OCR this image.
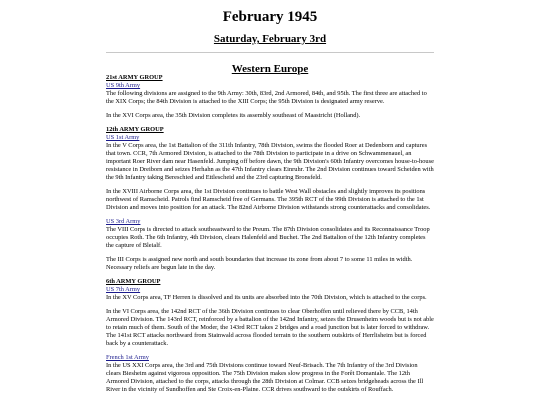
February 1945
Saturday, February 3rd
Western Europe
21st ARMY GROUP
US 9th Army

The following divisions are assigned to the 9th Army: 30th, 83rd, 2nd Armored, 84th, and 95th. The first three are attached to the XIX Corps; the 84th Division is attached to the XIII Corps; the 95th Division is designated army reserve.

In the XVI Corps area, the 35th Division completes its assembly southeast of Maastricht (Holland).

12th ARMY GROUP
US 1st Army

In the V Corps area, the 1st Battalion of the 311th Infantry, 78th Division, swims the flooded Roer at Dedenborn and captures that town. CCR, 7th Armored Division, is attached to the 78th Division to participate in a drive on Schwammenauel, an important Roer River dam near Hasenfeld. Jumping off before dawn, the 9th Division's 60th Infantry overcomes house-to-house resistance in Dreiborn and seizes Herhahn as the 47th Infantry clears Einruhr. The 2nd Division continues toward Scheiden with the 9th Infantry taking Bereschied and Ettlescheid and the 23rd capturing Bronsfeld.

In the XVIII Airborne Corps area, the 1st Division continues to battle West Wall obstacles and slightly improves its positions northwest of Ramscheid. Patrols find Ramscheid free of Germans. The 395th RCT of the 99th Division is attached to the 1st Division and moves into position for an attack. The 82nd Airborne Division withstands strong counterattacks and consolidates.

US 3rd Army

The VIII Corps is directed to attack southeastward to the Preum. The 87th Division consolidates and its Reconnaissance Troop occupies Roth. The 6th Infantry, 4th Division, clears Halenfeld and Buchet. The 2nd Battalion of the 12th Infantry completes the capture of Bleialf.

The III Corps is assigned new north and south boundaries that increase its zone from about 7 to some 11 miles in width. Necessary reliefs are begun late in the day.

6th ARMY GROUP
US 7th Army

In the XV Corps area, TF Herren is dissolved and its units are absorbed into the 70th Division, which is attached to the corps.

In the VI Corps area, the 142nd RCT of the 36th Division continues to clear Oberhoffen until relieved there by CCB, 14th Armored Division. The 143rd RCT, reinforced by a battalion of the 142nd Infantry, seizes the Drusenheim woods but is not able to retain much of them. South of the Moder, the 143rd RCT takes 2 bridges and a road junction but is later forced to withdraw. The 141st RCT attacks northward from Stainwald across flooded terrain to the southern outskirts of Herrlisheim but is forced back by a counterattack.

French 1st Army

In the US XXI Corps area, the 3rd and 75th Divisions continue toward Neuf-Brisach. The 7th Infantry of the 3rd Division clears Biesheim against vigorous opposition. The 75th Division makes slow progress in the Forêt Domaniale. The 12th Armored Division, attached to the corps, attacks through the 28th Division at Colmar. CCB seizes bridgeheads across the Ill River in the vicinity of Sundhoffen and Ste Croix-en-Plaine. CCR drives southward to the outskirts of Rouffach.
